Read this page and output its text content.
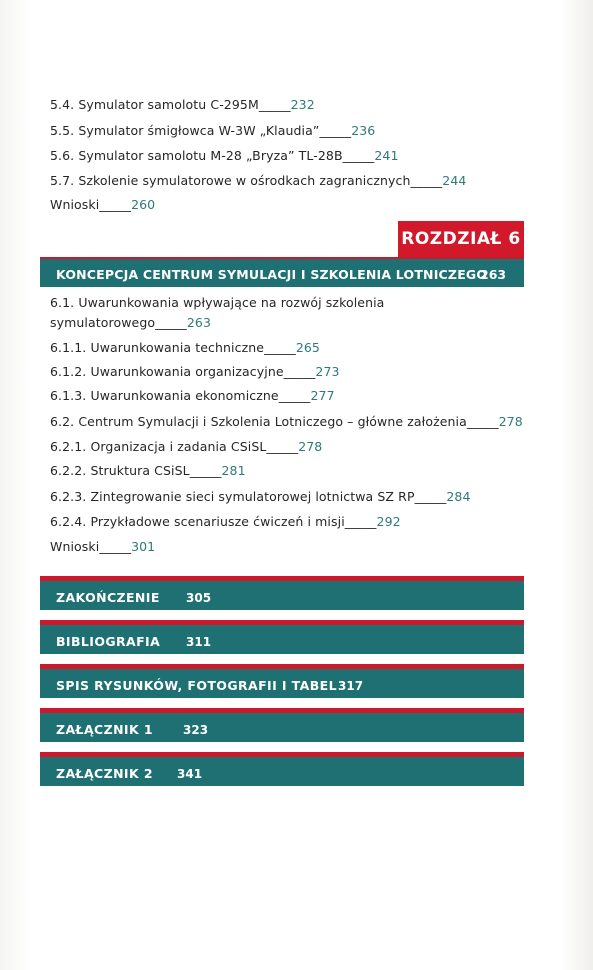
5.4. Symulator samolotu C-295M_____232
5.5. Symulator śmigłowca W-3W „Klaudia”_____236
5.6. Symulator samolotu M-28 „Bryza” TL-28B_____241
5.7. Szkolenie symulatorowe w ośrodkach zagranicznych_____244
Wnioski_____260
ROZDZIAŁ 6
KONCEPCJA CENTRUM SYMULACJI I SZKOLENIA LOTNICZEGO
263
6.1. Uwarunkowania wpływające na rozwój szkolenia
symulatorowego_____263
6.1.1. Uwarunkowania techniczne_____265
6.1.2. Uwarunkowania organizacyjne_____273
6.1.3. Uwarunkowania ekonomiczne_____277
6.2. Centrum Symulacji i Szkolenia Lotniczego – główne założenia_____278
6.2.1. Organizacja i zadania CSiSL_____278
6.2.2. Struktura CSiSL_____281
6.2.3. Zintegrowanie sieci symulatorowej lotnictwa SZ RP_____284
6.2.4. Przykładowe scenariusze ćwiczeń i misji_____292
Wnioski_____301
ZAKOŃCZENIE 305
BIBLIOGRAFIA 311
SPIS RYSUNKÓW, FOTOGRAFII I TABEL 317
ZAŁĄCZNIK 1	323
ZAŁĄCZNIK 2 341
